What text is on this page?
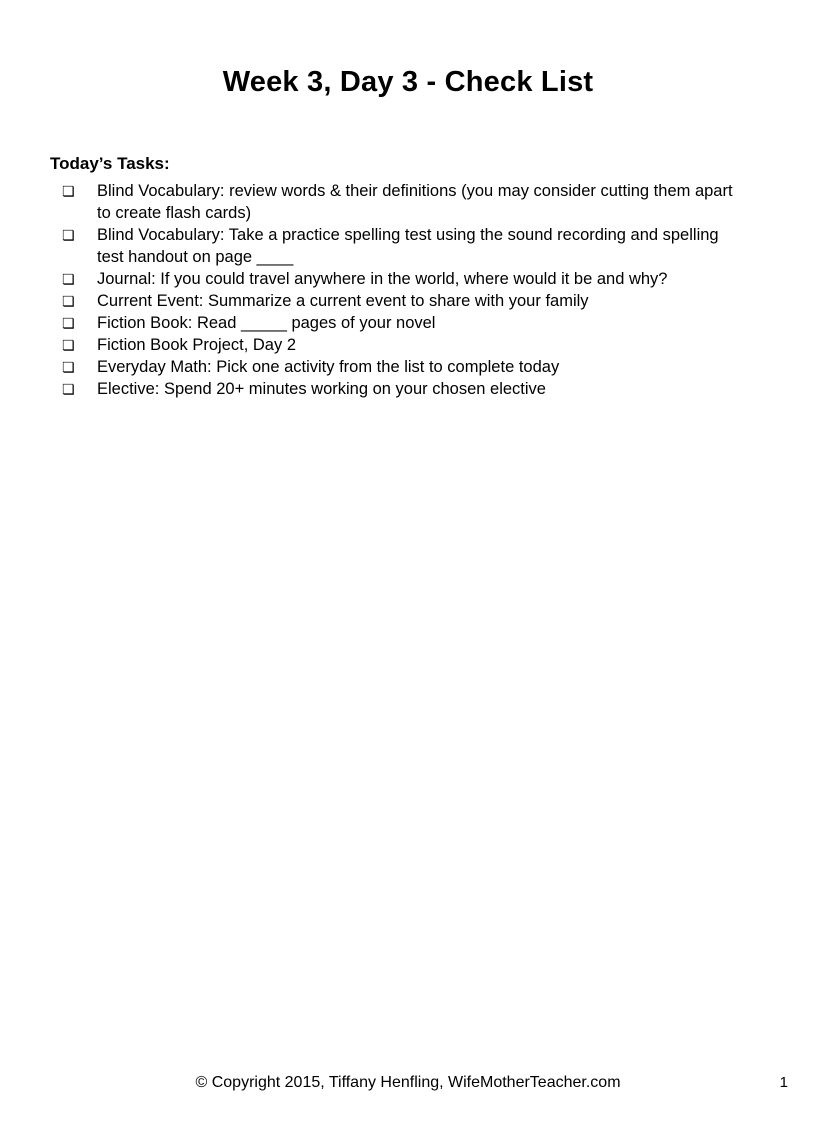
Week 3, Day 3 - Check List
Today’s Tasks:
❏	Blind Vocabulary: review words & their definitions (you may consider cutting them apart to create flash cards)
❏	Blind Vocabulary: Take a practice spelling test using the sound recording and spelling test handout on page ____
❏	Journal: If you could travel anywhere in the world, where would it be and why?
❏	Current Event: Summarize a current event to share with your family
❏	Fiction Book: Read _____ pages of your novel
❏	Fiction Book Project, Day 2
❏	Everyday Math: Pick one activity from the list to complete today
❏	Elective: Spend 20+ minutes working on your chosen elective
© Copyright 2015, Tiffany Henfling, WifeMotherTeacher.com	1
